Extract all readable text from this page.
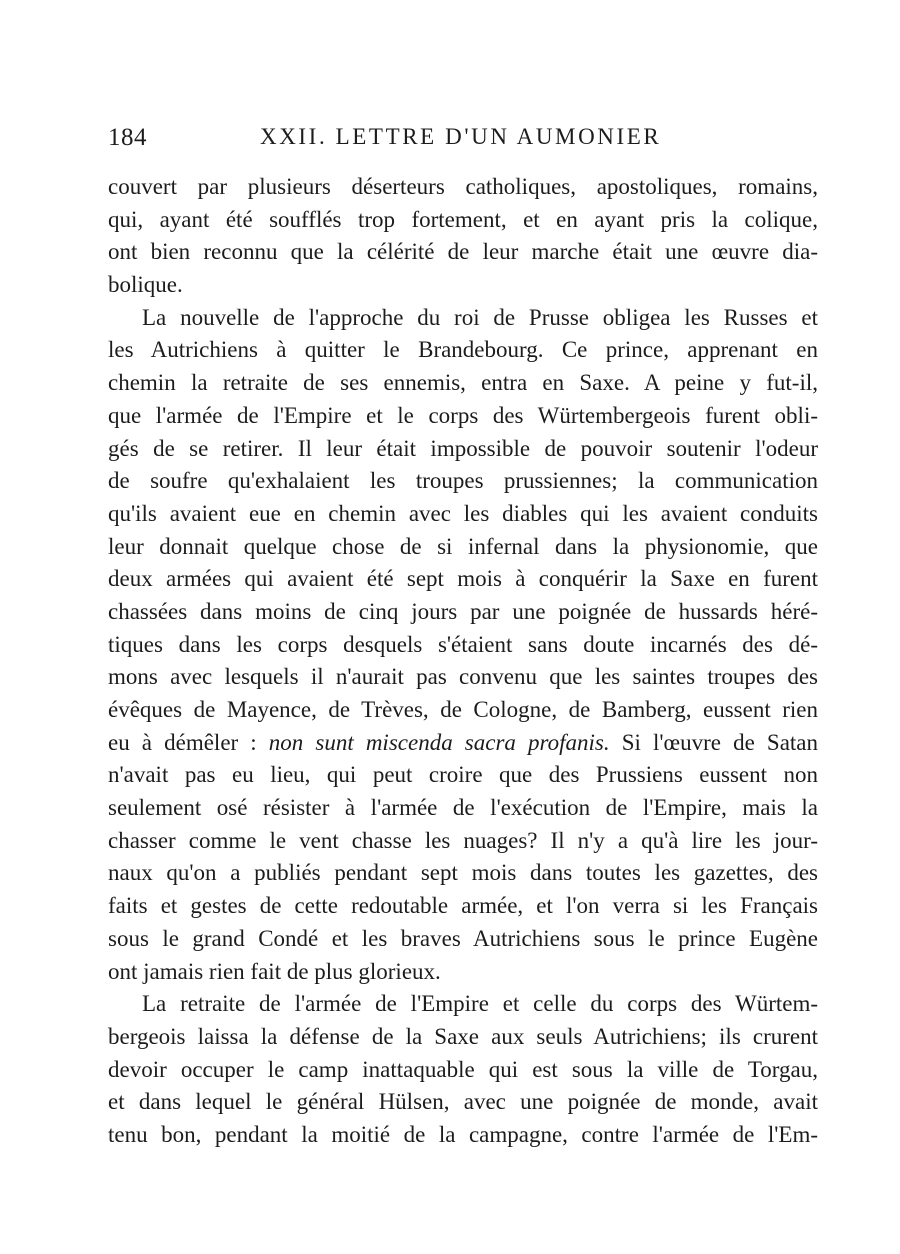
184	XXII. LETTRE D'UN AUMONIER
couvert par plusieurs déserteurs catholiques, apostoliques, romains,
qui, ayant été soufflés trop fortement, et en ayant pris la colique,
ont bien reconnu que la célérité de leur marche était une œuvre dia-
bolique.
La nouvelle de l'approche du roi de Prusse obligea les Russes et
les Autrichiens à quitter le Brandebourg. Ce prince, apprenant en
chemin la retraite de ses ennemis, entra en Saxe. A peine y fut-il,
que l'armée de l'Empire et le corps des Würtembergeois furent obli-
gés de se retirer. Il leur était impossible de pouvoir soutenir l'odeur
de soufre qu'exhalaient les troupes prussiennes; la communication
qu'ils avaient eue en chemin avec les diables qui les avaient conduits
leur donnait quelque chose de si infernal dans la physionomie, que
deux armées qui avaient été sept mois à conquérir la Saxe en furent
chassées dans moins de cinq jours par une poignée de hussards héré-
tiques dans les corps desquels s'étaient sans doute incarnés des dé-
mons avec lesquels il n'aurait pas convenu que les saintes troupes des
évêques de Mayence, de Trèves, de Cologne, de Bamberg, eussent rien
eu à démêler : non sunt miscenda sacra profanis. Si l'œuvre de Satan
n'avait pas eu lieu, qui peut croire que des Prussiens eussent non
seulement osé résister à l'armée de l'exécution de l'Empire, mais la
chasser comme le vent chasse les nuages? Il n'y a qu'à lire les jour-
naux qu'on a publiés pendant sept mois dans toutes les gazettes, des
faits et gestes de cette redoutable armée, et l'on verra si les Français
sous le grand Condé et les braves Autrichiens sous le prince Eugène
ont jamais rien fait de plus glorieux.
La retraite de l'armée de l'Empire et celle du corps des Würtem-
bergeois laissa la défense de la Saxe aux seuls Autrichiens; ils crurent
devoir occuper le camp inattaquable qui est sous la ville de Torgau,
et dans lequel le général Hülsen, avec une poignée de monde, avait
tenu bon, pendant la moitié de la campagne, contre l'armée de l'Em-
